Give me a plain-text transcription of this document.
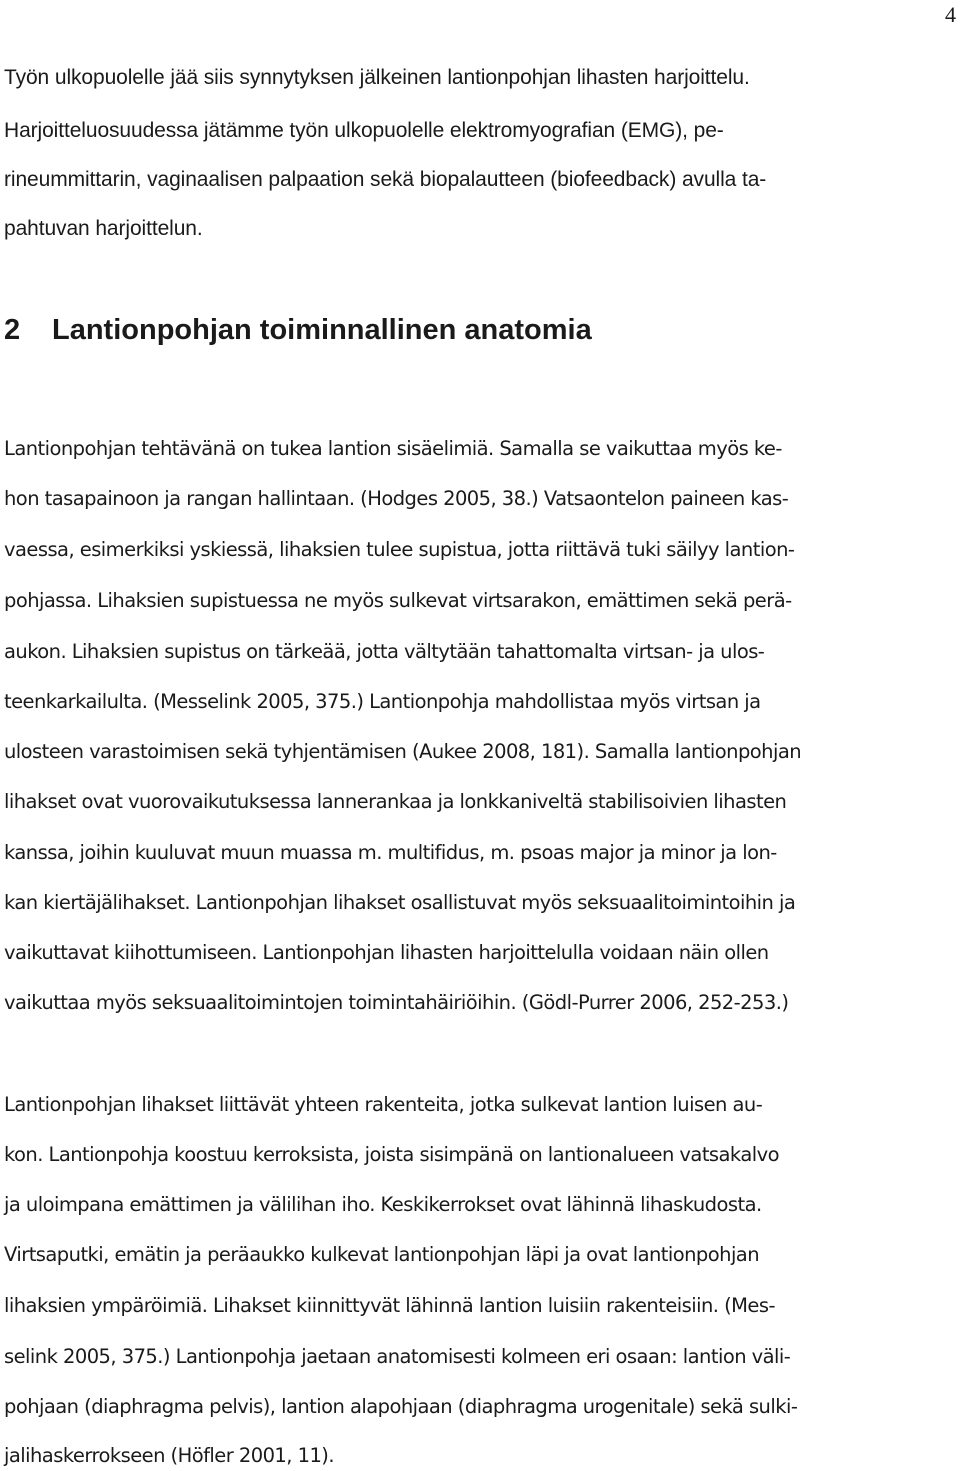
4
Työn ulkopuolelle jää siis synnytyksen jälkeinen lantionpohjan lihasten harjoittelu.
Harjoitteluosuudessa jätämme työn ulkopuolelle elektromyografian (EMG), pe-
rineummittarin, vaginaalisen palpaation sekä biopalautteen (biofeedback) avulla ta-
pahtuvan harjoittelun.
2 Lantionpohjan toiminnallinen anatomia
Lantionpohjan tehtävänä on tukea lantion sisäelimiä. Samalla se vaikuttaa myös ke-
hon tasapainoon ja rangan hallintaan. (Hodges 2005, 38.) Vatsaontelon paineen kas-
vaessa, esimerkiksi yskiessä, lihaksien tulee supistua, jotta riittävä tuki säilyy lantion-
pohjassa. Lihaksien supistuessa ne myös sulkevat virtsarakon, emättimen sekä perä-
aukon. Lihaksien supistus on tärkeää, jotta vältytään tahattomalta virtsan- ja ulos-
teenkarkailulta. (Messelink 2005, 375.) Lantionpohja mahdollistaa myös virtsan ja
ulosteen varastoimisen sekä tyhjentämisen (Aukee 2008, 181). Samalla lantionpohjan
lihakset ovat vuorovaikutuksessa lannerankaa ja lonkkaniveltä stabilisoivien lihasten
kanssa, joihin kuuluvat muun muassa m. multifidus, m. psoas major ja minor ja lon-
kan kiertäjälihakset. Lantionpohjan lihakset osallistuvat myös seksuaalitoimintoihin ja
vaikuttavat kiihottumiseen. Lantionpohjan lihasten harjoittelulla voidaan näin ollen
vaikuttaa myös seksuaalitoimintojen toimintahäiriöihin. (Gödl-Purrer 2006, 252-253.)
Lantionpohjan lihakset liittävät yhteen rakenteita, jotka sulkevat lantion luisen au-
kon. Lantionpohja koostuu kerroksista, joista sisimpänä on lantionalueen vatsakalvo
ja uloimpana emättimen ja välilihan iho. Keskikerrokset ovat lähinnä lihaskudosta.
Virtsaputki, emätin ja peräaukko kulkevat lantionpohjan läpi ja ovat lantionpohjan
lihaksien ympäröimiä. Lihakset kiinnittyvät lähinnä lantion luisiin rakenteisiin. (Mes-
selink 2005, 375.) Lantionpohja jaetaan anatomisesti kolmeen eri osaan: lantion väli-
pohjaan (diaphragma pelvis), lantion alapohjaan (diaphragma urogenitale) sekä sulki-
jalihaskerrokseen (Höfler 2001, 11).
